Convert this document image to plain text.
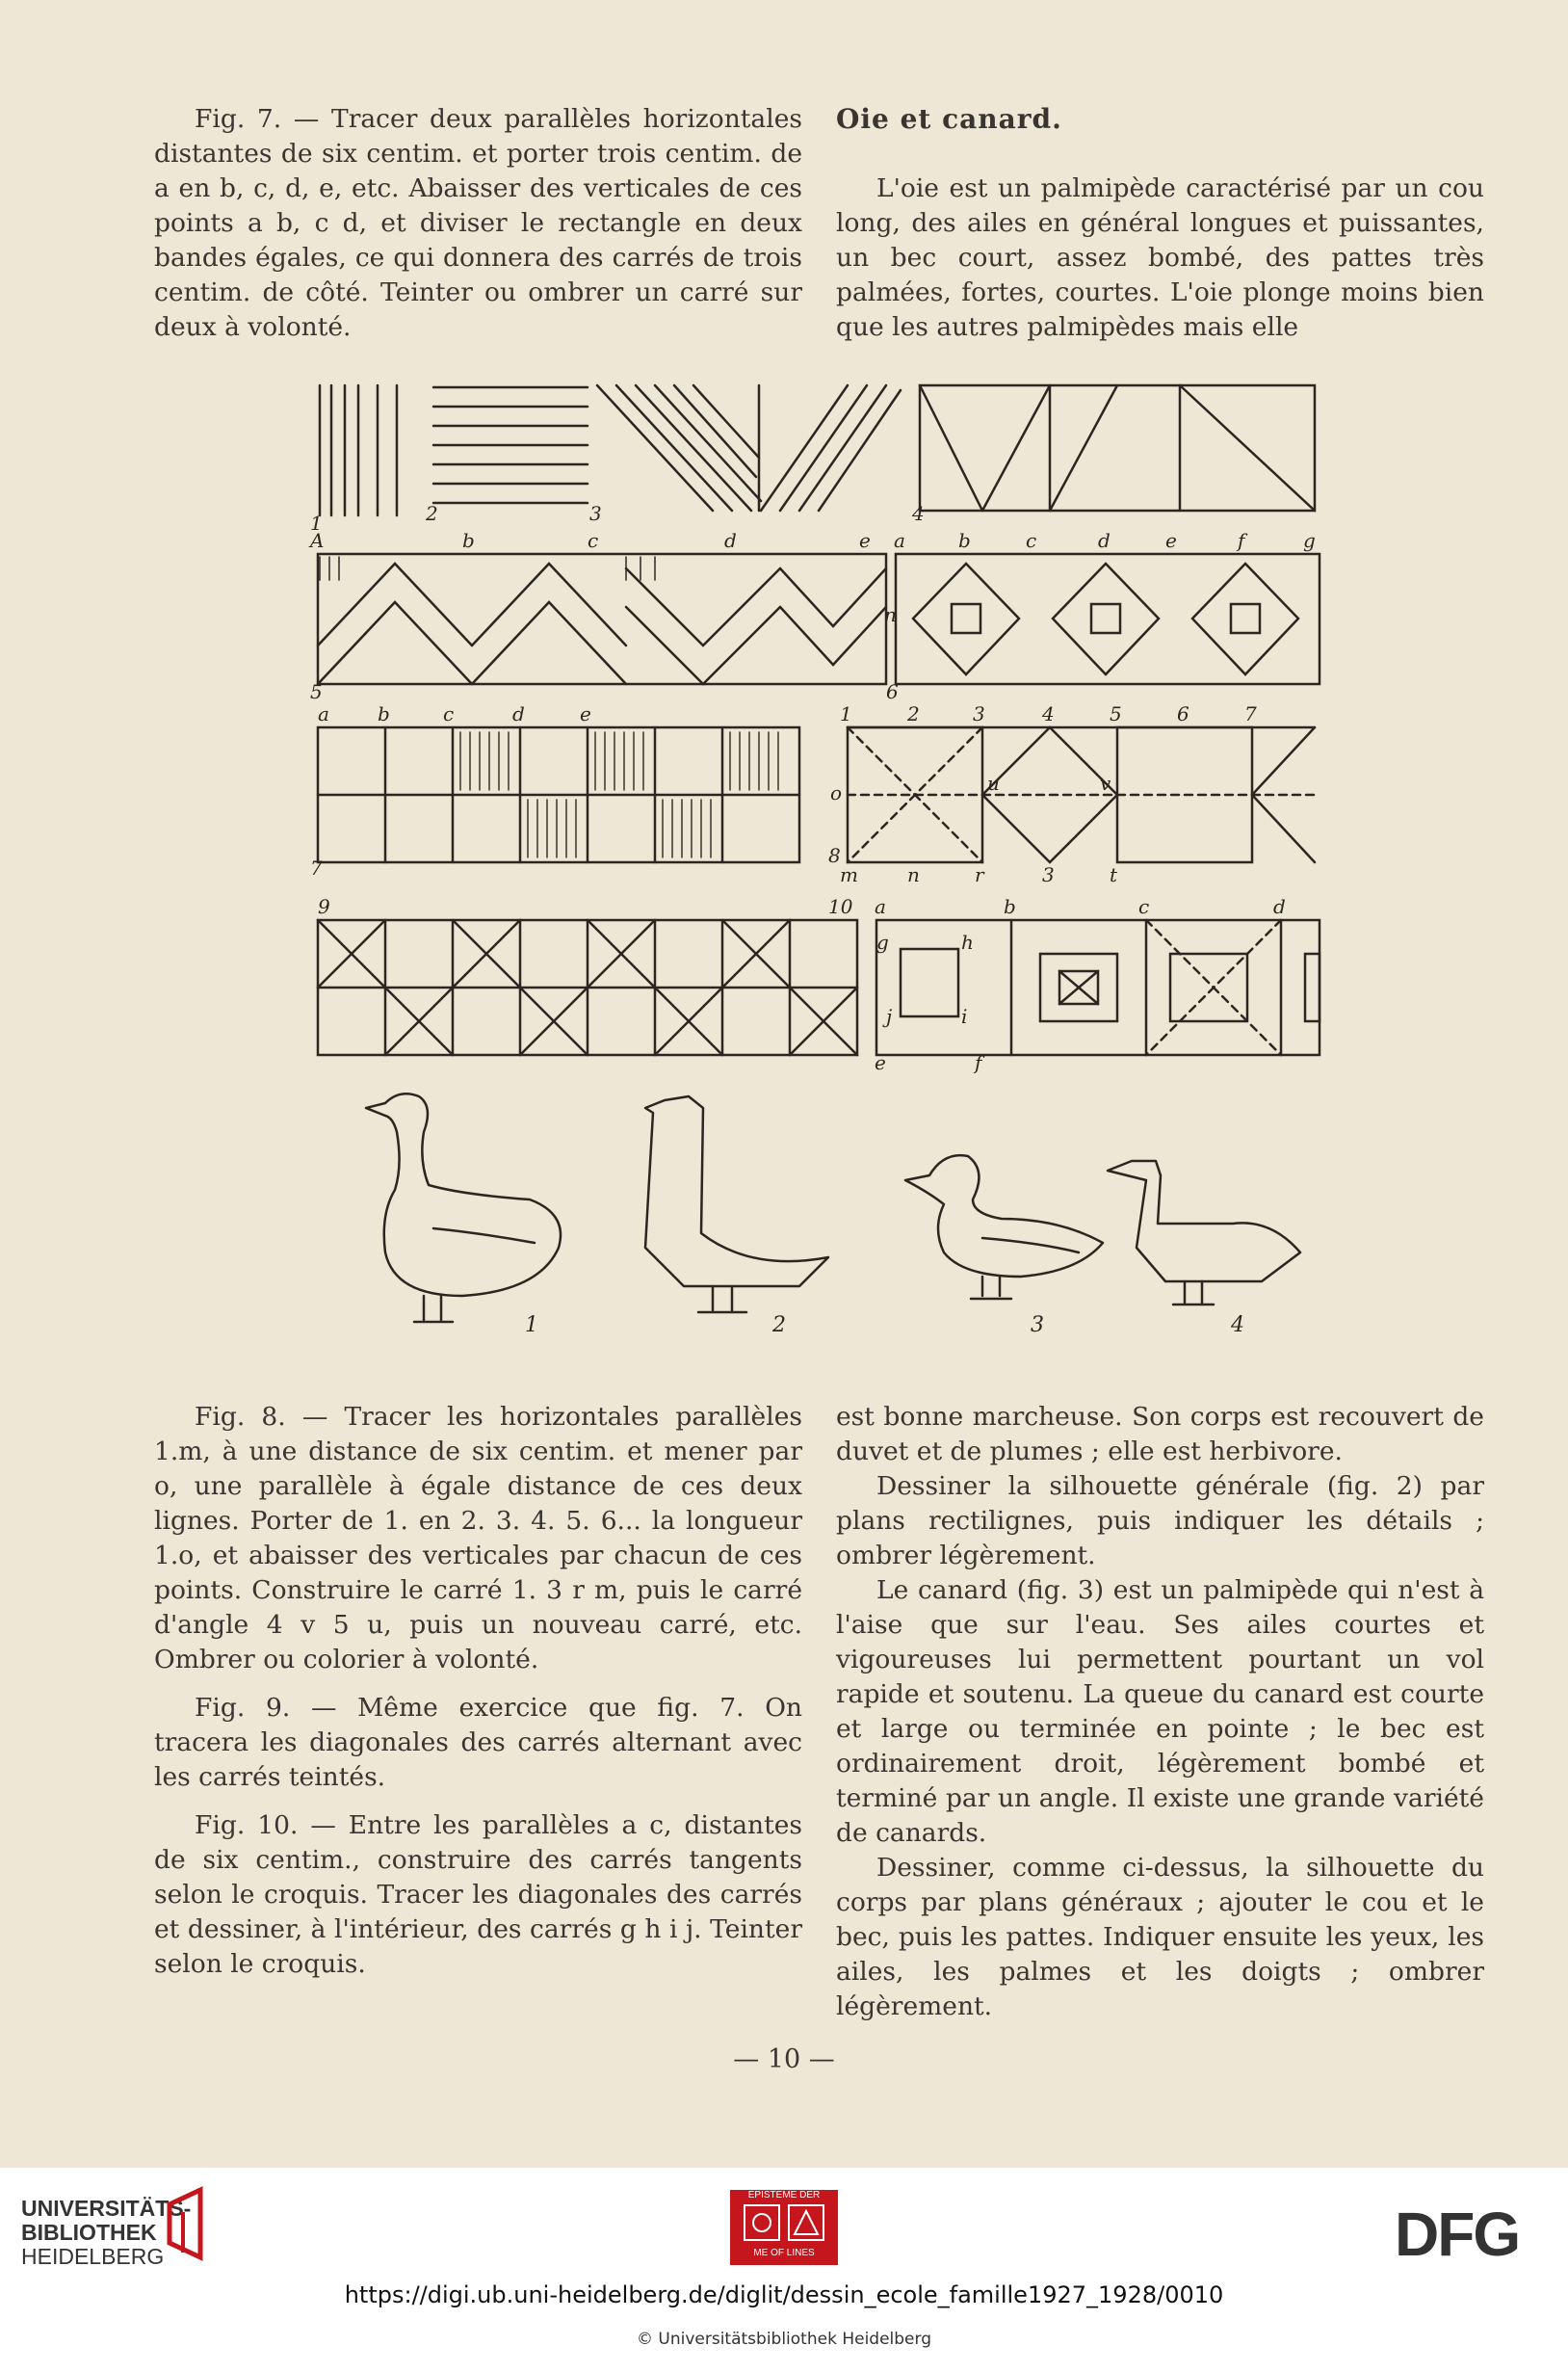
Fig. 7. — Tracer deux parallèles horizontales distantes de six centim. et porter trois centim. de a en b, c, d, e, etc. Abaisser des verticales de ces points a b, c d, et diviser le rectangle en deux bandes égales, ce qui donnera des carrés de trois centim. de côté. Teinter ou ombrer un carré sur deux à volonté.

Oie et canard.

L'oie est un palmipède caractérisé par un cou long, des ailes en général longues et puissantes, un bec court, assez bombé, des pattes très palmées, fortes, courtes. L'oie plonge moins bien que les autres palmipèdes mais elle

1	2	3	4
A	b	c	d	e a	b	c	d	e	f	g
5	6
n
a	b	c	d	e	1	2	3	4	5	6	7
7
o	u	v
8
m	n	r	3	t
9	10 a	b	c	d
g	h
i
j
e	f
1	2	3	4

Fig. 8. — Tracer les horizontales parallèles 1.m, à une distance de six centim. et mener par o, une parallèle à égale distance de ces deux lignes. Porter de 1. en 2. 3. 4. 5. 6... la longueur 1.o, et abaisser des verticales par chacun de ces points. Construire le carré 1. 3 r m, puis le carré d'angle 4 v 5 u, puis un nouveau carré, etc. Ombrer ou colorier à volonté.

Fig. 9. — Même exercice que fig. 7. On tracera les diagonales des carrés alternant avec les carrés teintés.

Fig. 10. — Entre les parallèles a c, distantes de six centim., construire des carrés tangents selon le croquis. Tracer les diagonales des carrés et dessiner, à l'intérieur, des carrés g h i j. Teinter selon le croquis.

est bonne marcheuse. Son corps est recouvert de duvet et de plumes ; elle est herbivore.

Dessiner la silhouette générale (fig. 2) par plans rectilignes, puis indiquer les détails ; ombrer légèrement.

Le canard (fig. 3) est un palmipède qui n'est à l'aise que sur l'eau. Ses ailes courtes et vigoureuses lui permettent pourtant un vol rapide et soutenu. La queue du canard est courte et large ou terminée en pointe ; le bec est ordinairement droit, légèrement bombé et terminé par un angle. Il existe une grande variété de canards.

Dessiner, comme ci-dessus, la silhouette du corps par plans généraux ; ajouter le cou et le bec, puis les pattes. Indiquer ensuite les yeux, les ailes, les palmes et les doigts ; ombrer légèrement.

— 10 —
UNIVERSITÄTS-
BIBLIOTHEK
HEIDELBERG
EPISTEME DER
ME OF LINES	DFG
https://digi.ub.uni-heidelberg.de/diglit/dessin_ecole_famille1927_1928/0010
© Universitätsbibliothek Heidelberg
